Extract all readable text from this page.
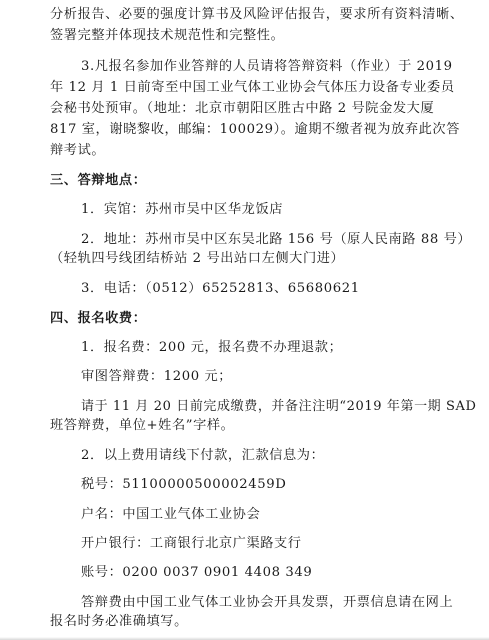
分析报告、必要的强度计算书及风险评估报告，要求所有资料清晰、
签署完整并体现技术规范性和完整性。
3.凡报名参加作业答辩的人员请将答辩资料（作业）于 2019
年 12 月 1 日前寄至中国工业气体工业协会气体压力设备专业委员
会秘书处预审。（地址：北京市朝阳区胜古中路 2 号院金发大厦
817 室，谢晓黎收，邮编：100029）。逾期不缴者视为放弃此次答
辩考试。
三、答辩地点：
1．宾馆：苏州市吴中区华龙饭店
2．地址：苏州市吴中区东吴北路 156 号（原人民南路 88 号）
（轻轨四号线团结桥站 2 号出站口左侧大门进）
3．电话：（0512）65252813、65680621
四、报名收费：
1．报名费：200 元，报名费不办理退款；
审图答辩费：1200 元；
请于 11 月 20 日前完成缴费，并备注注明“2019 年第一期 SAD
班答辩费，单位+姓名”字样。
2．以上费用请线下付款，汇款信息为：
税号：51100000500002459D
户名：中国工业气体工业协会
开户银行：工商银行北京广渠路支行
账号：0200 0037 0901 4408 349
答辩费由中国工业气体工业协会开具发票，开票信息请在网上
报名时务必准确填写。
